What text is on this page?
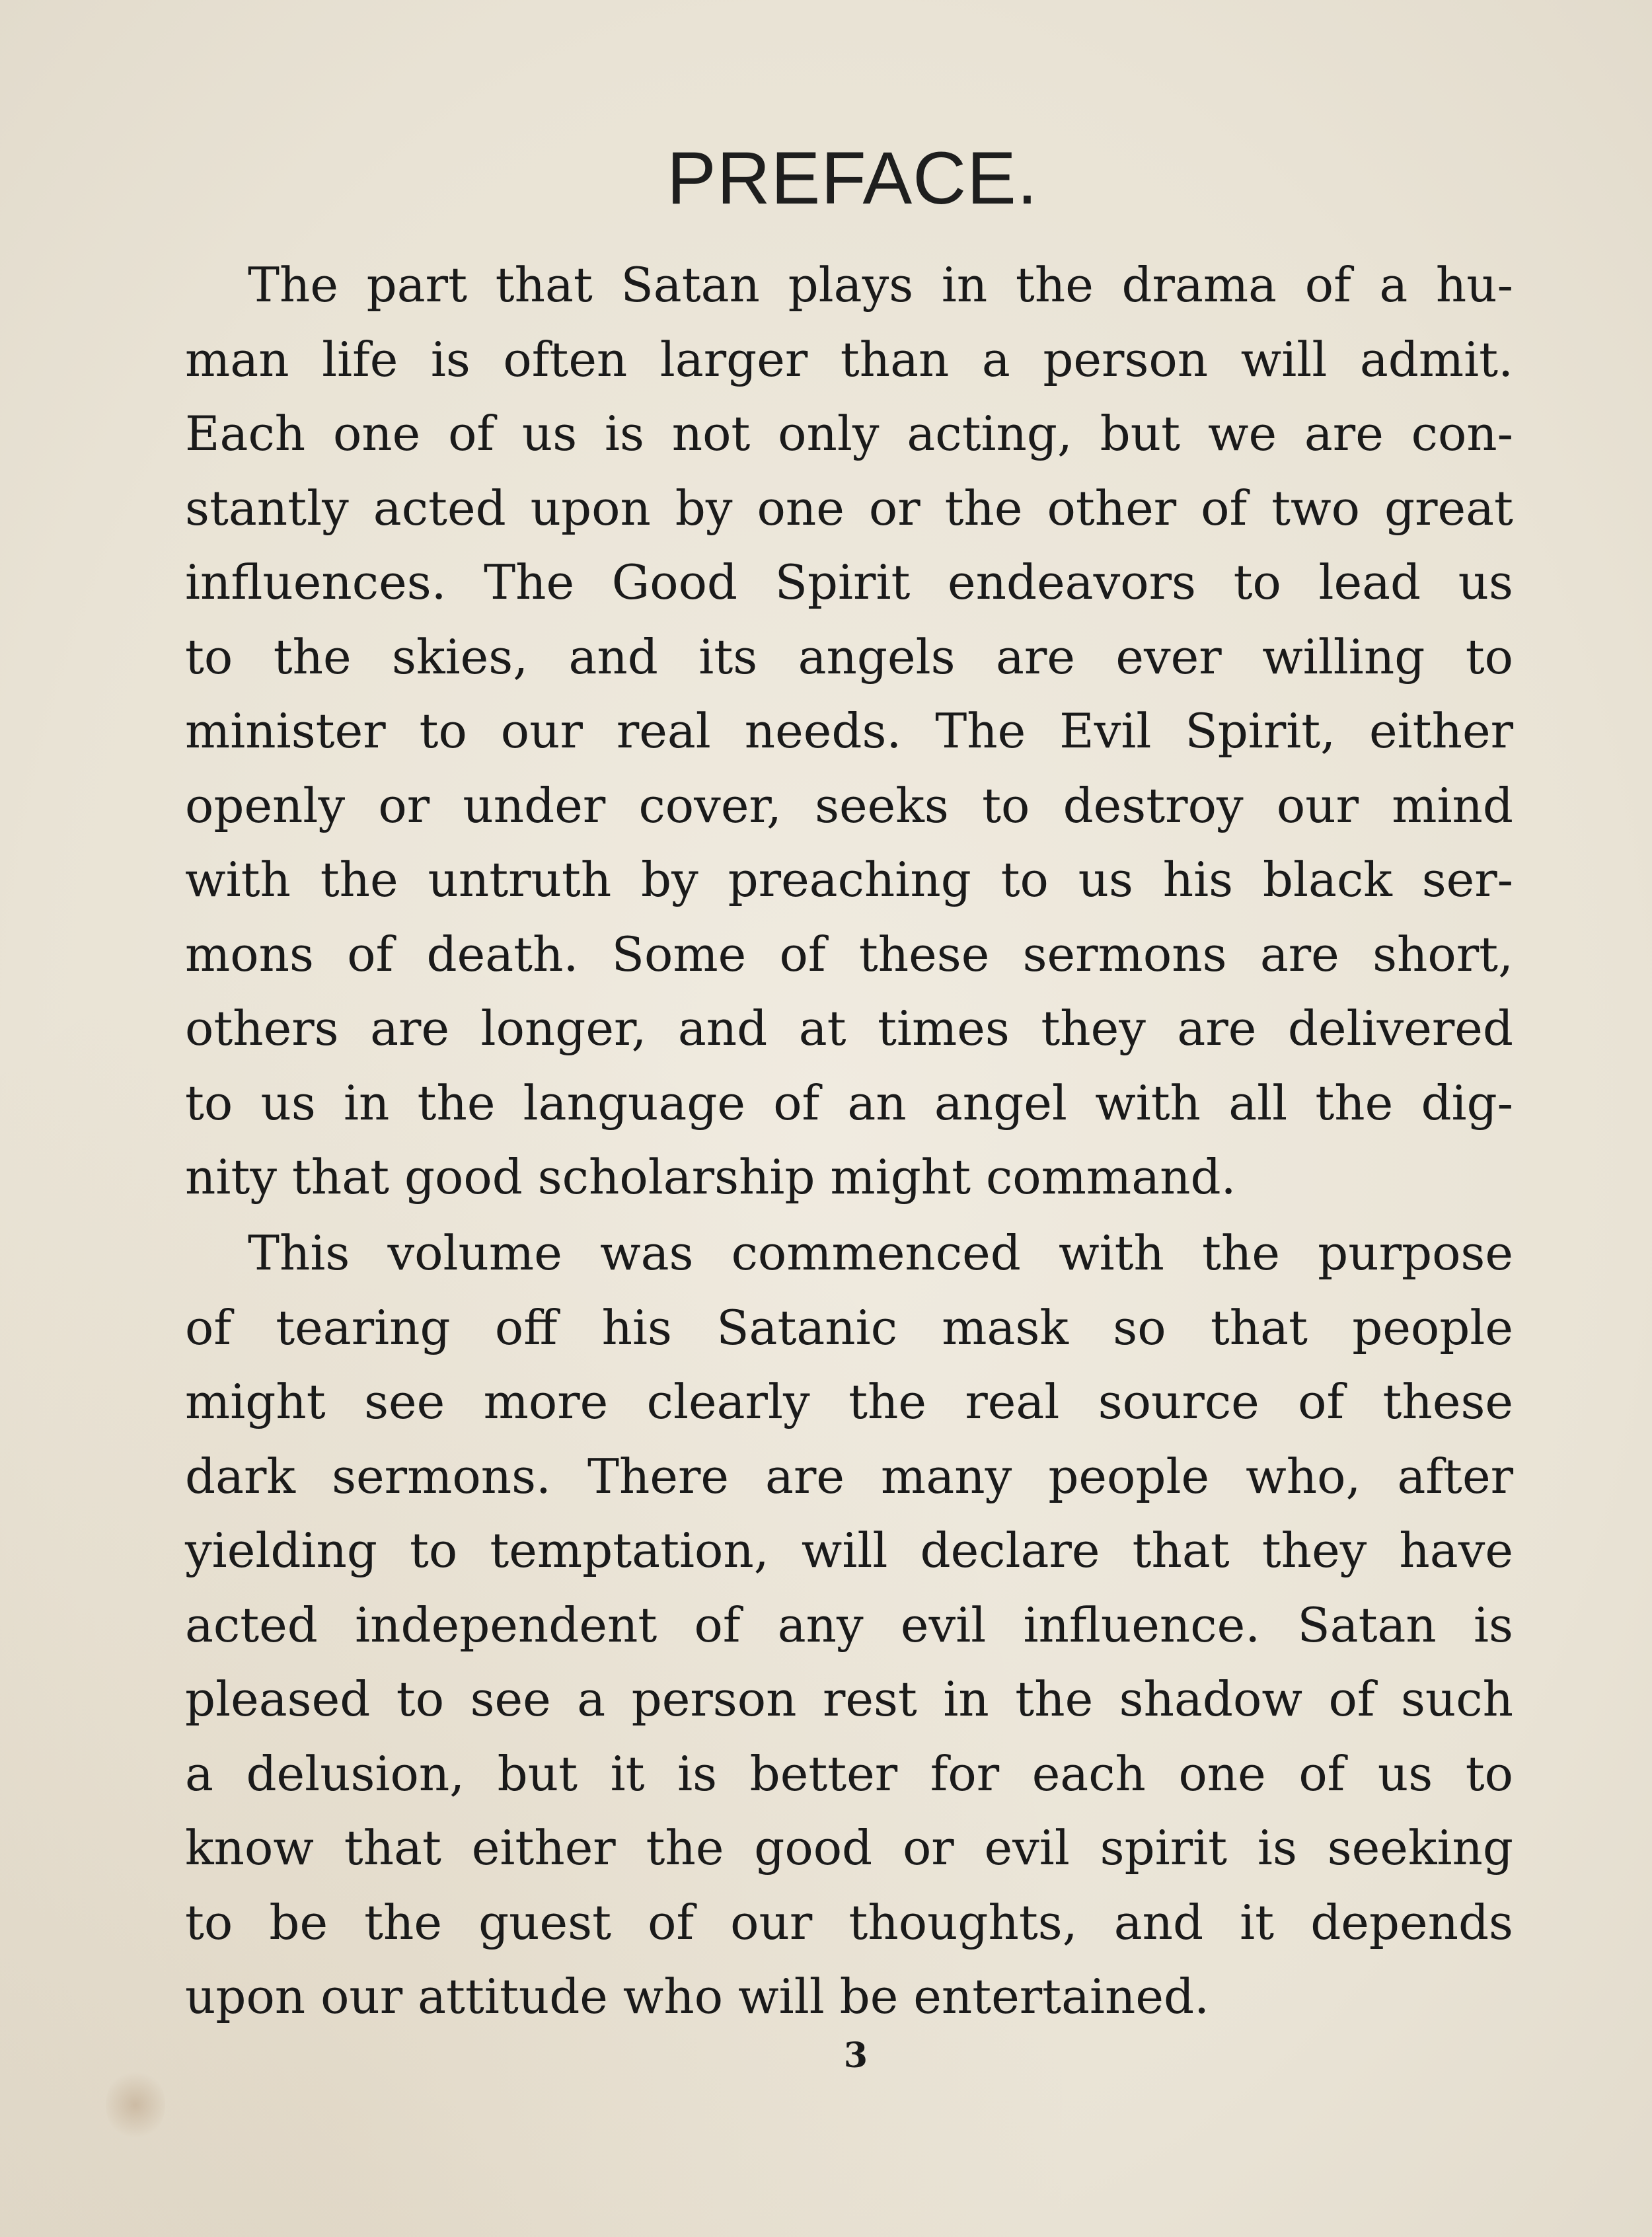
PREFACE.
The part that Satan plays in the drama of a hu-
man life is often larger than a person will admit.
Each one of us is not only acting, but we are con-
stantly acted upon by one or the other of two great
influences. The Good Spirit endeavors to lead us
to the skies, and its angels are ever willing to
minister to our real needs. The Evil Spirit, either
openly or under cover, seeks to destroy our mind
with the untruth by preaching to us his black ser-
mons of death. Some of these sermons are short,
others are longer, and at times they are delivered
to us in the language of an angel with all the dig-
nity that good scholarship might command.
This volume was commenced with the purpose
of tearing off his Satanic mask so that people
might see more clearly the real source of these
dark sermons. There are many people who, after
yielding to temptation, will declare that they have
acted independent of any evil influence. Satan is
pleased to see a person rest in the shadow of such
a delusion, but it is better for each one of us to
know that either the good or evil spirit is seeking
to be the guest of our thoughts, and it depends
upon our attitude who will be entertained.
3
